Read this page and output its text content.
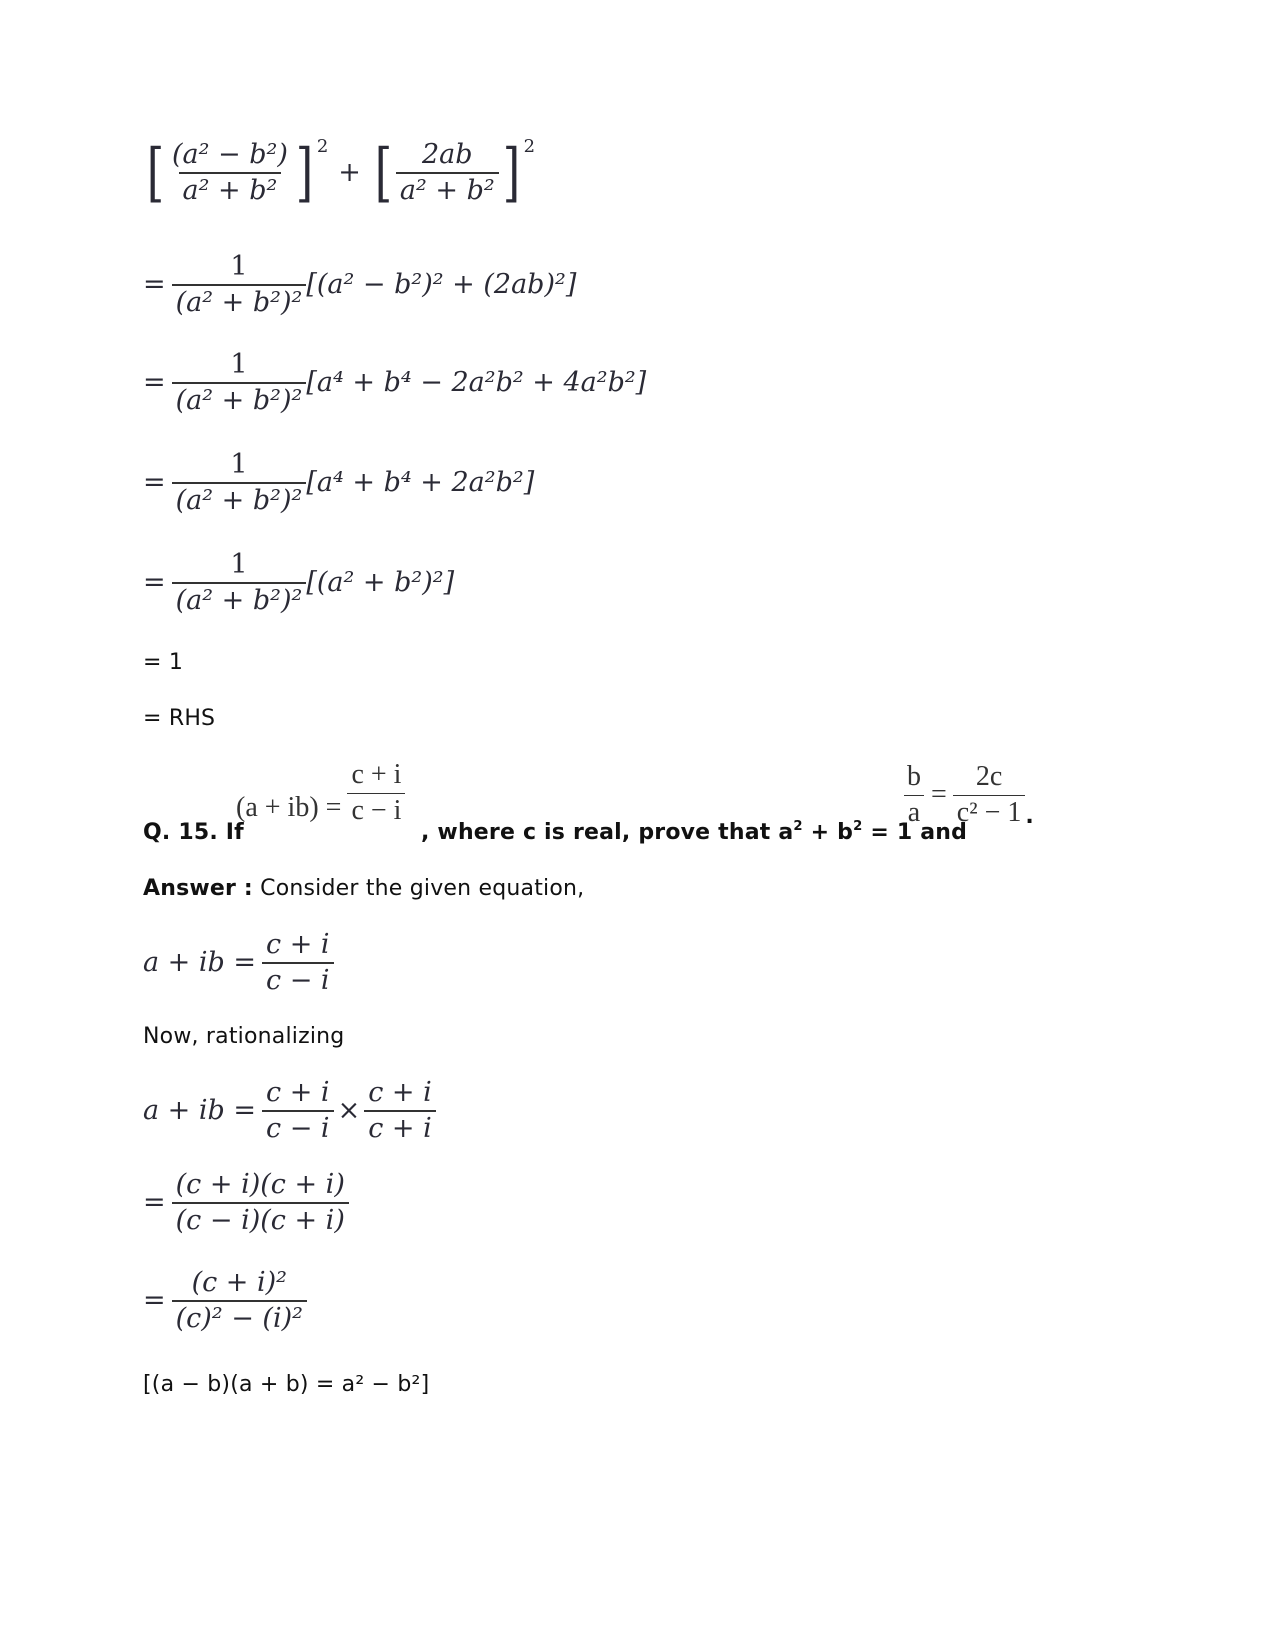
[ $\frac{\text{(a² − b²)}}{\text{a² + b²}}$ ] 2
+ [ $\frac{2ab}{\text{a² + b²}}$ ] 2
= $\frac{1}{\text{(a² + b²)²}} [(a^2 - b^2)^2 + (2ab)^2]$
= $\frac{1}{\text{(a² + b²)²}} [a^4 + b^4 - 2a^2b^2 + 4a^2b^2]$
= $\frac{1}{\text{(a² + b²)²}} [a^4 + b^4 + 2a^2b^2]$
= $\frac{1}{\text{(a² + b²)²}} [(a^2 + b^2)^2]$
= 1
= RHS
Q. 15. If
$(a + ib) = \frac{c + i}{c - i}$
, where c is real, prove that $a^2 + b^2 = 1$ and
$\frac{b}{a} = \frac{2c}{\text{c² − 1}}$ .
Answer : Consider the given equation,
a + ib = $\frac{c + i}{c - i}$
Now, rationalizing
a + ib = $\frac{c + i}{c - i} \times \frac{c + i}{c + i}$
= $\frac{(c + i)(c + i)}{(c - i)(c + i)}$
= $\frac{\text{(c + i)²}}{\text{(c)² − (i)²}}$
[(a − b)(a + b) = a² − b²]
